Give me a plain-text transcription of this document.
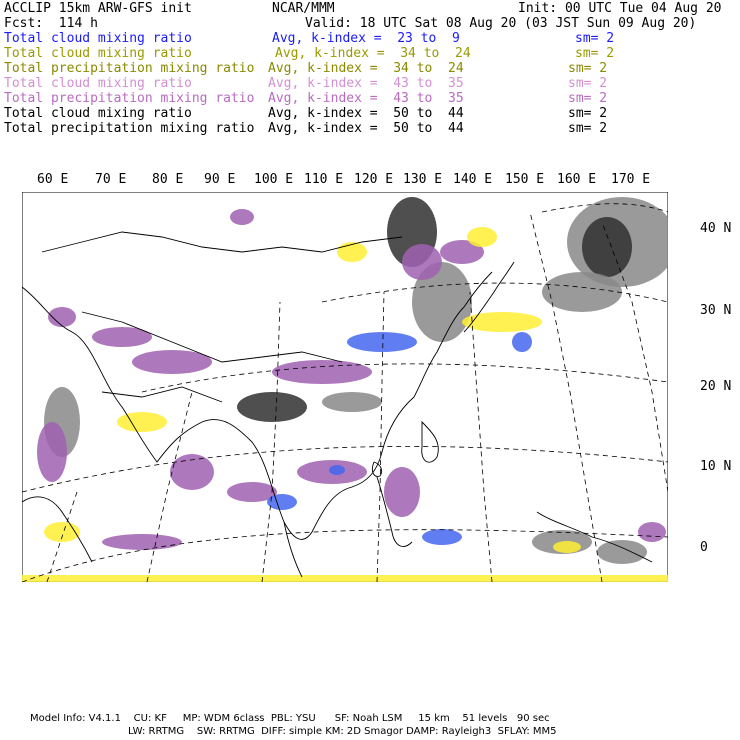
ACCLIP 15km ARW-GFS init	NCAR/MMM	Init: 00 UTC Tue 04 Aug 20
Fcst:  114 h	Valid: 18 UTC Sat 08 Aug 20 (03 JST Sun 09 Aug 20)
Total cloud mixing ratio	Avg, k-index =  23 to  9	sm= 2
Total cloud mixing ratio	Avg, k-index =  34 to  24	sm= 2
Total precipitation mixing ratio Avg, k-index =  34 to  24	sm= 2
Total cloud mixing ratio	Avg, k-index =  43 to  35	sm= 2
Total precipitation mixing ratio Avg, k-index =  43 to  35	sm= 2
Total cloud mixing ratio	Avg, k-index =  50 to  44	sm= 2
Total precipitation mixing ratio Avg, k-index =  50 to  44	sm= 2
60 E 70 E 80 E 90 E 100 E 110 E 120 E 130 E 140 E 150 E 160 E 170 E
40 N
30 N
20 N
10 N
0
Model Info: V4.1.1    CU: KF     MP: WDM 6class  PBL: YSU      SF: Noah LSM     15 km    51 levels   90 sec
LW: RRTMG    SW: RRTMG  DIFF: simple KM: 2D Smagor DAMP: Rayleigh3  SFLAY: MM5
